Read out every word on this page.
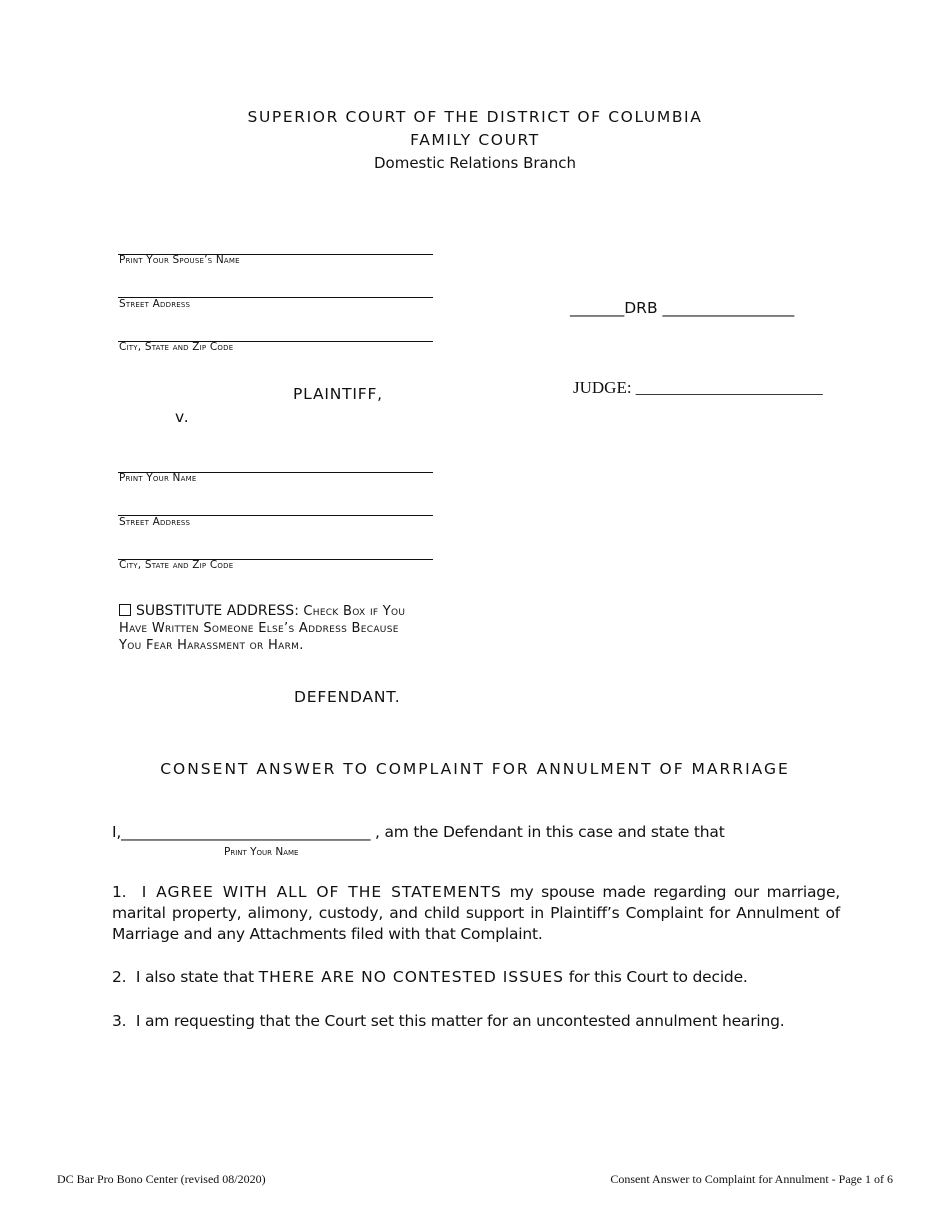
SUPERIOR COURT OF THE DISTRICT OF COLUMBIA
FAMILY COURT
Domestic Relations Branch
Print Your Spouse’s Name
Street Address
City, State and Zip Code
PLAINTIFF,
v.
_______DRB _________________
JUDGE: ______________________
Print Your Name
Street Address
City, State and Zip Code
SUBSTITUTE ADDRESS: Check Box if You
Have Written Someone Else’s Address Because
You Fear Harassment or Harm.
DEFENDANT.
CONSENT ANSWER TO COMPLAINT FOR ANNULMENT OF MARRIAGE
I,_________________________________ , am the Defendant in this case and state that
Print Your Name
1. I AGREE WITH ALL OF THE STATEMENTS my spouse made regarding our marriage, marital property, alimony, custody, and child support in Plaintiff’s Complaint for Annulment of Marriage and any Attachments filed with that Complaint.
2. I also state that THERE ARE NO CONTESTED ISSUES for this Court to decide.
3. I am requesting that the Court set this matter for an uncontested annulment hearing.
DC Bar Pro Bono Center (revised 08/2020)	Consent Answer to Complaint for Annulment - Page 1 of 6
